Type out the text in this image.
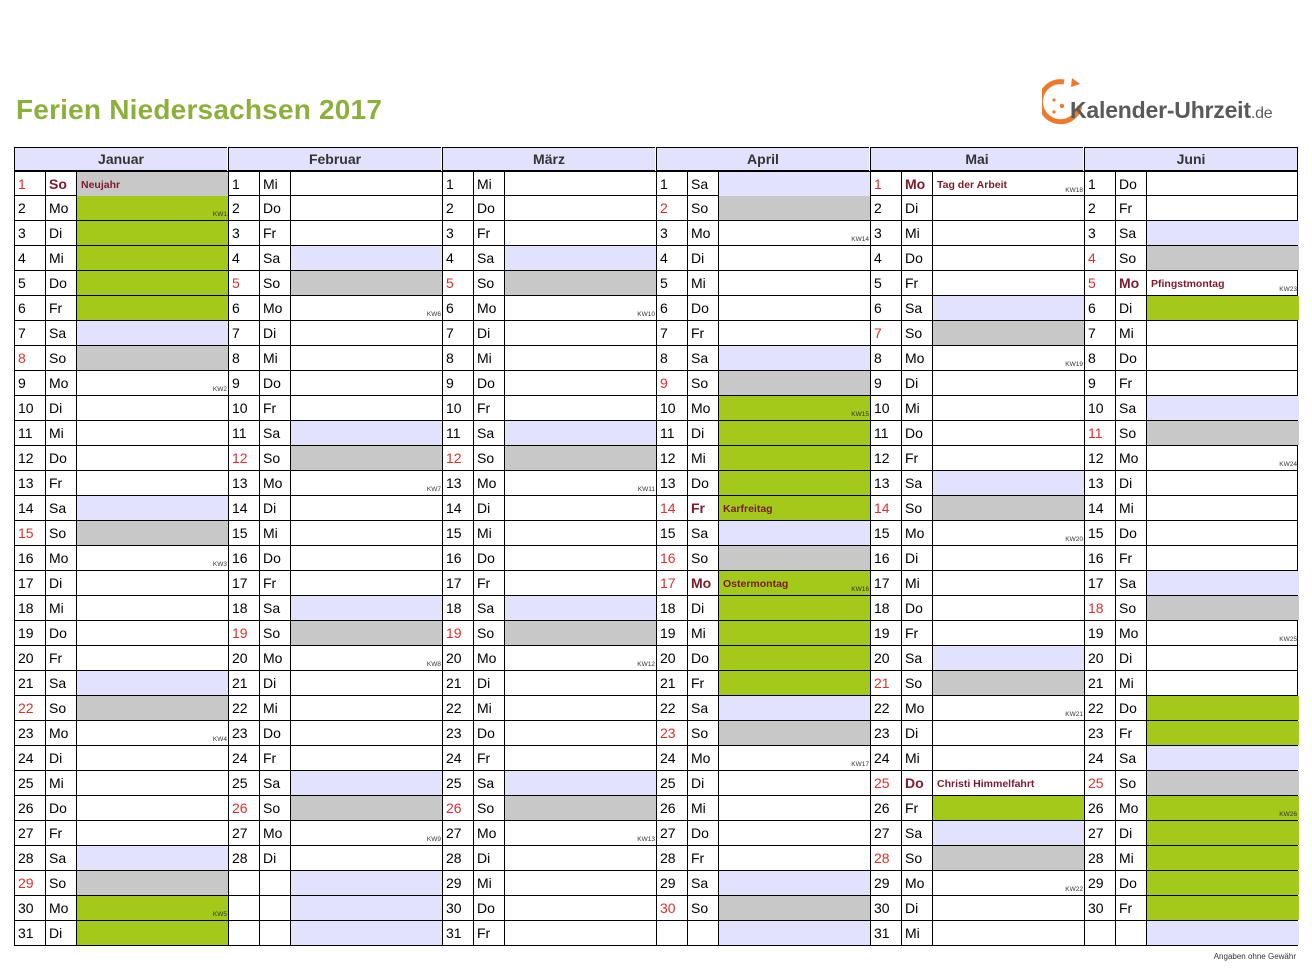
Ferien Niedersachsen 2017	Kalender-Uhrzeit.de
Januar
1	So	Neujahr
2	Mo	KW1
3	Di
4	Mi
5	Do
6	Fr
7	Sa
8	So
9	Mo	KW2
10	Di
11	Mi
12	Do
13	Fr
14	Sa
15	So
16	Mo	KW3
17	Di
18	Mi
19	Do
20	Fr
21	Sa
22	So
23	Mo	KW4
24	Di
25	Mi
26	Do
27	Fr
28	Sa
29	So
30	Mo	KW5
31	Di
Februar
1	Mi
2	Do
3	Fr
4	Sa
5	So
6	Mo	KW6
7	Di
8	Mi
9	Do
10	Fr
11	Sa
12	So
13	Mo	KW7
14	Di
15	Mi
16	Do
17	Fr
18	Sa
19	So
20	Mo	KW8
21	Di
22	Mi
23	Do
24	Fr
25	Sa
26	So
27	Mo	KW9
28	Di
März
1	Mi
2	Do
3	Fr
4	Sa
5	So
6	Mo	KW10
7	Di
8	Mi
9	Do
10	Fr
11	Sa
12	So
13	Mo	KW11
14	Di
15	Mi
16	Do
17	Fr
18	Sa
19	So
20	Mo	KW12
21	Di
22	Mi
23	Do
24	Fr
25	Sa
26	So
27	Mo	KW13
28	Di
29	Mi
30	Do
31	Fr
April
1	Sa
2	So
3	Mo	KW14
4	Di
5	Mi
6	Do
7	Fr
8	Sa
9	So
10	Mo	KW15
11	Di
12	Mi
13	Do
14	Fr	Karfreitag
15	Sa
16	So
17	Mo	Ostermontag	KW16
18	Di
19	Mi
20	Do
21	Fr
22	Sa
23	So
24	Mo	KW17
25	Di
26	Mi
27	Do
28	Fr
29	Sa
30	So
Mai
1	Mo	Tag der Arbeit	KW18
2	Di
3	Mi
4	Do
5	Fr
6	Sa
7	So
8	Mo	KW19
9	Di
10	Mi
11	Do
12	Fr
13	Sa
14	So
15	Mo	KW20
16	Di
17	Mi
18	Do
19	Fr
20	Sa
21	So
22	Mo	KW21
23	Di
24	Mi
25	Do	Christi Himmelfahrt
26	Fr
27	Sa
28	So
29	Mo	KW22
30	Di
31	Mi
Juni
1	Do
2	Fr
3	Sa
4	So
5	Mo	Pfingstmontag	KW23
6	Di
7	Mi
8	Do
9	Fr
10	Sa
11	So
12	Mo	KW24
13	Di
14	Mi
15	Do
16	Fr
17	Sa
18	So
19	Mo	KW25
20	Di
21	Mi
22	Do
23	Fr
24	Sa
25	So
26	Mo	KW26
27	Di
28	Mi
29	Do
30	Fr
Angaben ohne Gewähr
